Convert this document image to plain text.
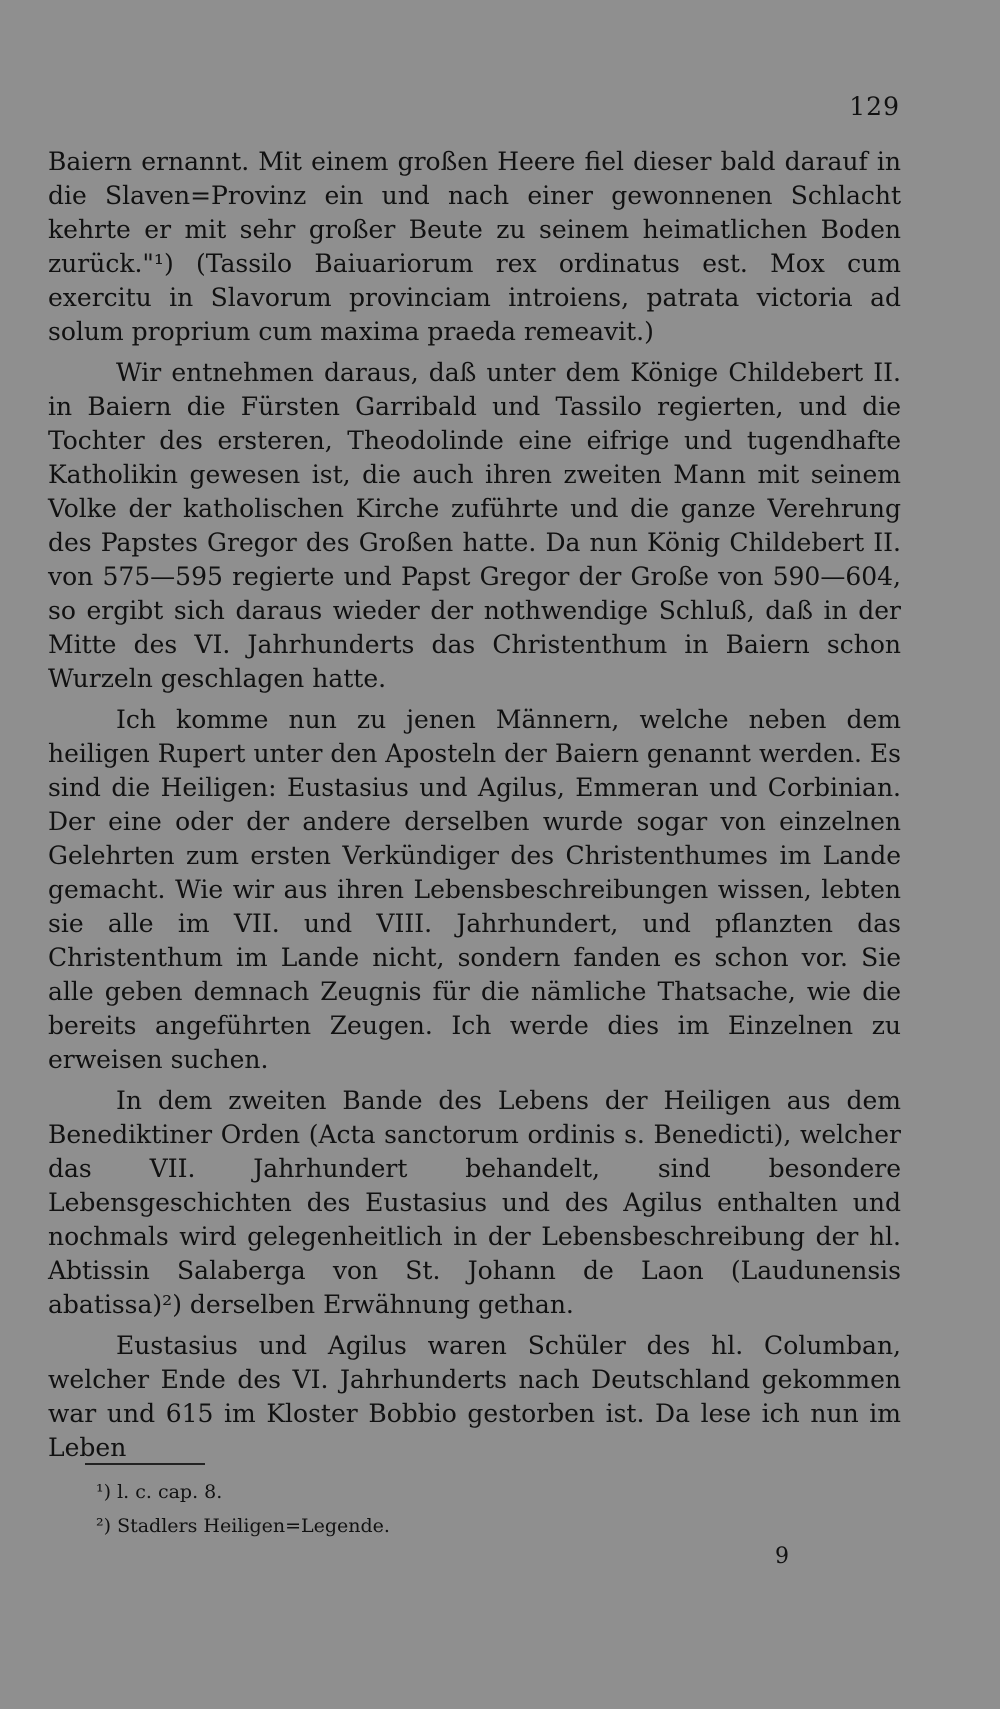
129

Baiern ernannt. Mit einem großen Heere fiel dieser bald darauf in die Slaven=Provinz ein und nach einer gewonnenen Schlacht kehrte er mit sehr großer Beute zu seinem heimatlichen Boden zurück."¹) (Tassilo Baiuariorum rex ordinatus est. Mox cum exercitu in Slavorum provinciam introiens, patrata victoria ad solum proprium cum maxima praeda remeavit.)

Wir entnehmen daraus, daß unter dem Könige Childebert II. in Baiern die Fürsten Garribald und Tassilo regierten, und die Tochter des ersteren, Theodolinde eine eifrige und tugendhafte Katholikin gewesen ist, die auch ihren zweiten Mann mit seinem Volke der katholischen Kirche zuführte und die ganze Verehrung des Papstes Gregor des Großen hatte. Da nun König Childebert II. von 575—595 regierte und Papst Gregor der Große von 590—604, so ergibt sich daraus wieder der nothwendige Schluß, daß in der Mitte des VI. Jahrhunderts das Christenthum in Baiern schon Wurzeln geschlagen hatte.

Ich komme nun zu jenen Männern, welche neben dem heiligen Rupert unter den Aposteln der Baiern genannt werden. Es sind die Heiligen: Eustasius und Agilus, Emmeran und Corbinian. Der eine oder der andere derselben wurde sogar von einzelnen Gelehrten zum ersten Verkündiger des Christenthumes im Lande gemacht. Wie wir aus ihren Lebensbeschreibungen wissen, lebten sie alle im VII. und VIII. Jahrhundert, und pflanzten das Christenthum im Lande nicht, sondern fanden es schon vor. Sie alle geben demnach Zeugnis für die nämliche Thatsache, wie die bereits angeführten Zeugen. Ich werde dies im Einzelnen zu erweisen suchen.

In dem zweiten Bande des Lebens der Heiligen aus dem Benediktiner Orden (Acta sanctorum ordinis s. Benedicti), welcher das VII. Jahrhundert behandelt, sind besondere Lebensgeschichten des Eustasius und des Agilus enthalten und nochmals wird gelegenheitlich in der Lebensbeschreibung der hl. Abtissin Salaberga von St. Johann de Laon (Laudunensis abatissa)²) derselben Erwähnung gethan.

Eustasius und Agilus waren Schüler des hl. Columban, welcher Ende des VI. Jahrhunderts nach Deutschland gekommen war und 615 im Kloster Bobbio gestorben ist. Da lese ich nun im Leben

¹) l. c. cap. 8.
²) Stadlers Heiligen=Legende.
9
